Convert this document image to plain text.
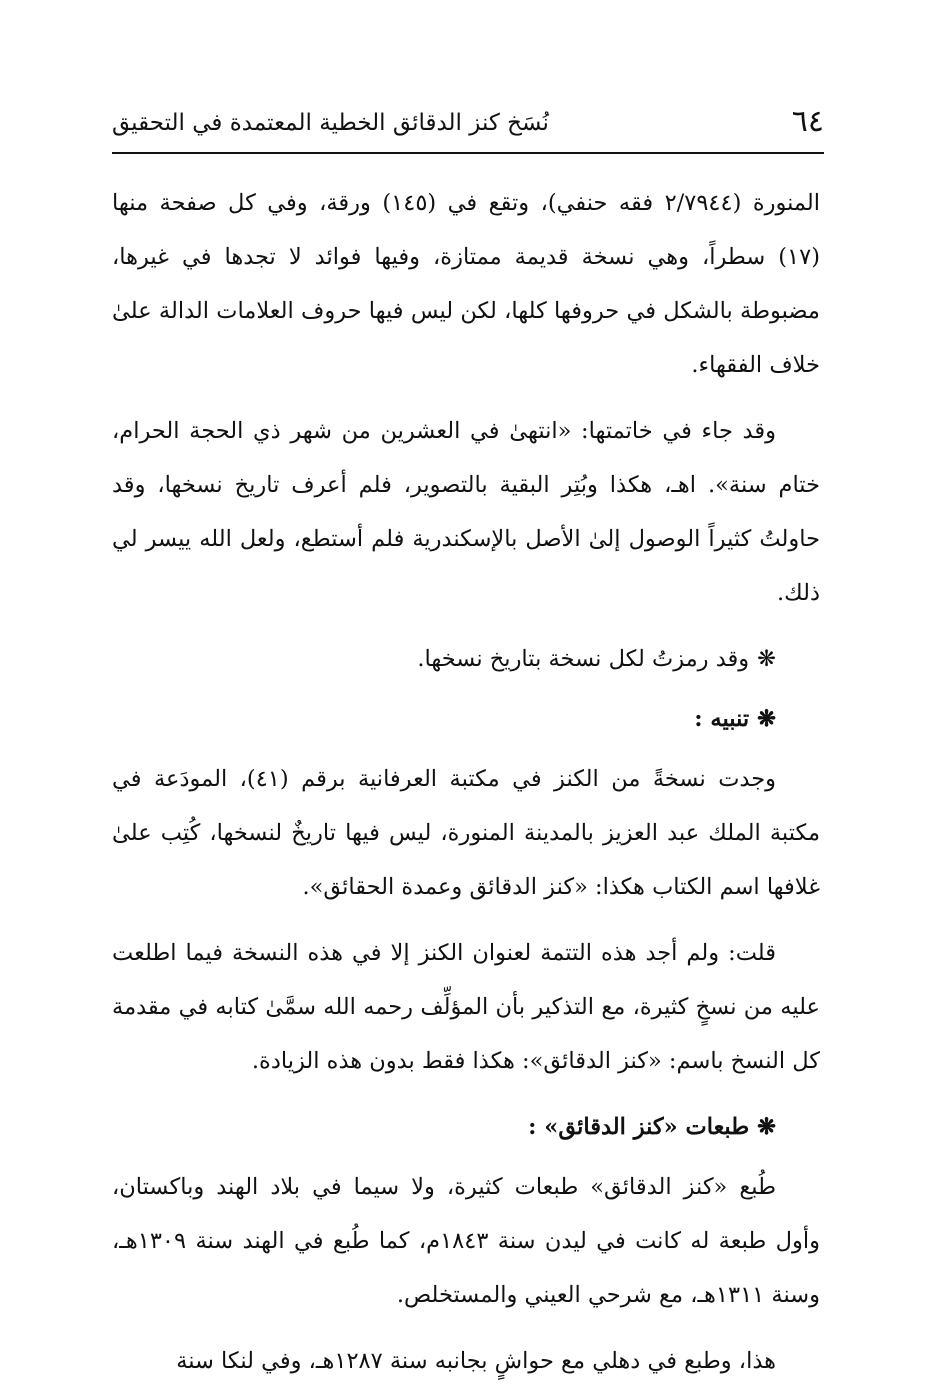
٦٤
نُسَخ كنز الدقائق الخطية المعتمدة في التحقيق

المنورة (٢/٧٩٤٤ فقه حنفي)، وتقع في (١٤٥) ورقة، وفي كل صفحة منها (١٧) سطراً، وهي نسخة قديمة ممتازة، وفيها فوائد لا تجدها في غيرها، مضبوطة بالشكل في حروفها كلها، لكن ليس فيها حروف العلامات الدالة علىٰ خلاف الفقهاء.

وقد جاء في خاتمتها: «انتهىٰ في العشرين من شهر ذي الحجة الحرام، ختام سنة». اهـ، هكذا وبُتِر البقية بالتصوير، فلم أعرف تاريخ نسخها، وقد حاولتُ كثيراً الوصول إلىٰ الأصل بالإسكندرية فلم أستطع، ولعل الله ييسر لي ذلك.

❋وقد رمزتُ لكل نسخة بتاريخ نسخها.

❋تنبيه :

وجدت نسخةً من الكنز في مكتبة العرفانية برقم (٤١)، المودَعة في مكتبة الملك عبد العزيز بالمدينة المنورة، ليس فيها تاريخٌ لنسخها، كُتِب علىٰ غلافها اسم الكتاب هكذا: «كنز الدقائق وعمدة الحقائق».

قلت: ولم أجد هذه التتمة لعنوان الكنز إلا في هذه النسخة فيما اطلعت عليه من نسخٍ كثيرة، مع التذكير بأن المؤلِّف رحمه الله سمَّىٰ كتابه في مقدمة كل النسخ باسم: «كنز الدقائق»: هكذا فقط بدون هذه الزيادة.

❋طبعات «كنز الدقائق» :

طُبع «كنز الدقائق» طبعات كثيرة، ولا سيما في بلاد الهند وباكستان، وأول طبعة له كانت في ليدن سنة ١٨٤٣م، كما طُبع في الهند سنة ١٣٠٩هـ، وسنة ١٣١١هـ، مع شرحي العيني والمستخلص.

هذا، وطبع في دهلي مع حواشٍ بجانبه سنة ١٢٨٧هـ، وفي لنكا سنة
